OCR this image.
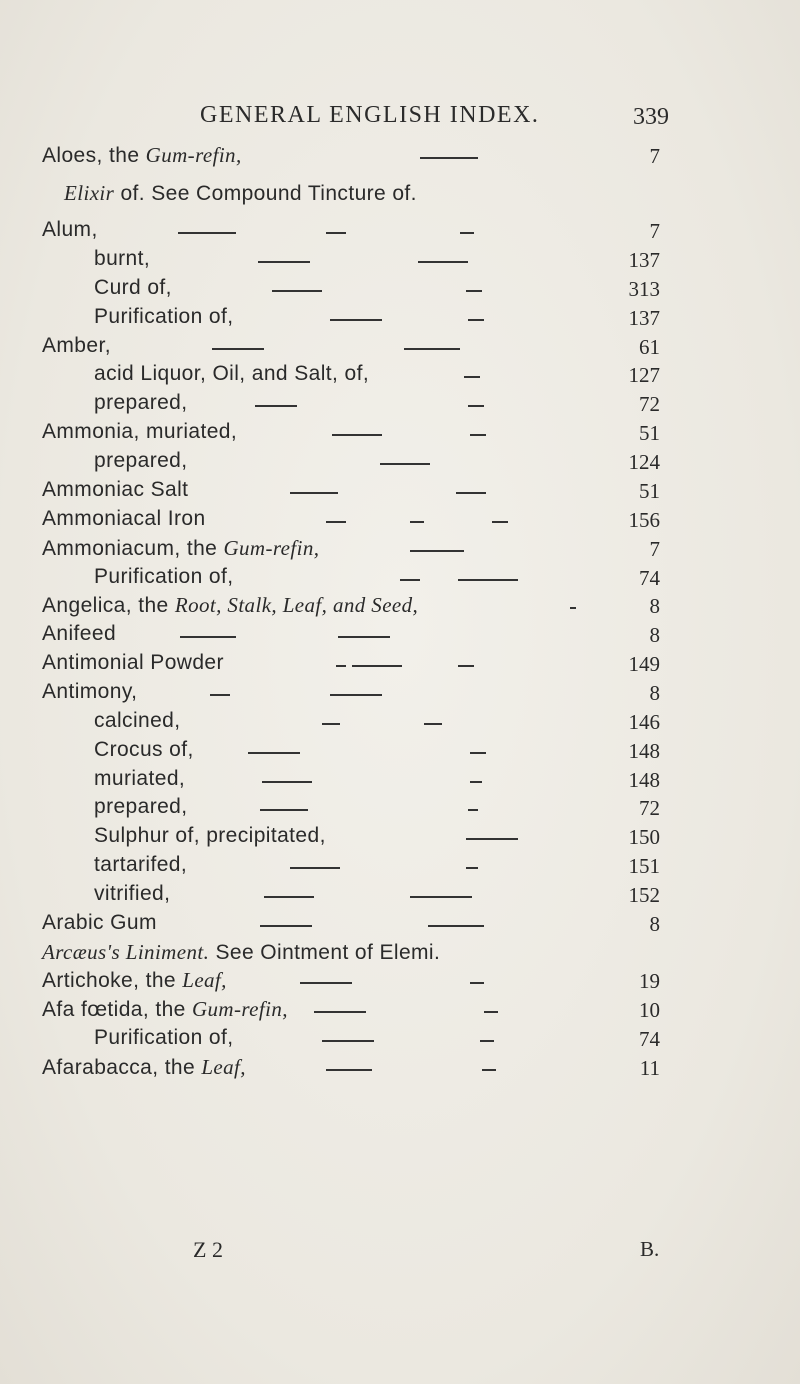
GENERAL ENGLISH INDEX.	339
Aloes, the Gum-refin,	7
Elixir of. See Compound Tincture of.
Alum,	7
burnt,	137
Curd of,	313
Purification of,	137
Amber,	61
acid Liquor, Oil, and Salt, of,	127
prepared,	72
Ammonia, muriated,	51
prepared,	124
Ammoniac Salt	51
Ammoniacal Iron	156
Ammoniacum, the Gum-refin,	7
Purification of,	74
Angelica, the Root, Stalk, Leaf, and Seed,	8
Anifeed	8
Antimonial Powder	149
Antimony,	8
calcined,	146
Crocus of,	148
muriated,	148
prepared,	72
Sulphur of, precipitated,	150
tartarifed,	151
vitrified,	152
Arabic Gum	8
Arcæus's Liniment. See Ointment of Elemi.
Artichoke, the Leaf,	19
Afa fœtida, the Gum-refin,	10
Purification of,	74
Afarabacca, the Leaf,	11
Z 2	B.
